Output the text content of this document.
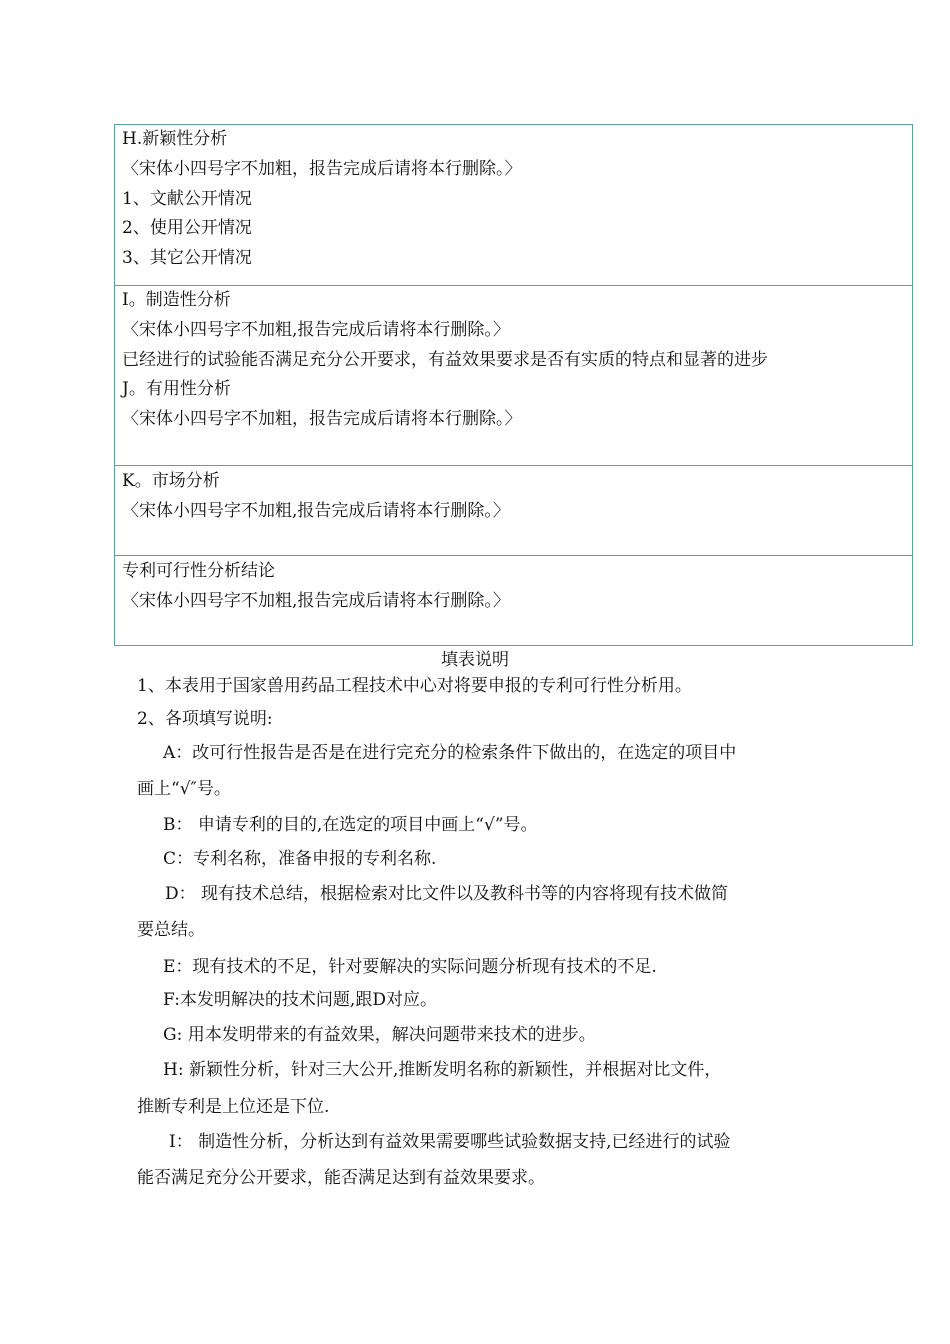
H.新颖性分析
〈宋体小四号字不加粗，报告完成后请将本行删除。〉
1、文献公开情况
2、使用公开情况
3、其它公开情况
I。制造性分析
〈宋体小四号字不加粗,报告完成后请将本行删除。〉
已经进行的试验能否满足充分公开要求，有益效果要求是否有实质的特点和显著的进步
J。有用性分析
〈宋体小四号字不加粗，报告完成后请将本行删除。〉
K。市场分析
〈宋体小四号字不加粗,报告完成后请将本行删除。〉
专利可行性分析结论
〈宋体小四号字不加粗,报告完成后请将本行删除。〉
填表说明
1、本表用于国家兽用药品工程技术中心对将要申报的专利可行性分析用。
2、各项填写说明:
A：改可行性报告是否是在进行完充分的检索条件下做出的，在选定的项目中
画上“√″号。
B： 申请专利的目的,在选定的项目中画上“√”号。
C：专利名称，准备申报的专利名称.
D： 现有技术总结，根据检索对比文件以及教科书等的内容将现有技术做简
要总结。
E：现有技术的不足，针对要解决的实际问题分析现有技术的不足.
F:本发明解决的技术问题,跟D对应。
G: 用本发明带来的有益效果，解决问题带来技术的进步。
H: 新颖性分析，针对三大公开,推断发明名称的新颖性，并根据对比文件，
推断专利是上位还是下位.
I： 制造性分析，分析达到有益效果需要哪些试验数据支持,已经进行的试验
能否满足充分公开要求，能否满足达到有益效果要求。
